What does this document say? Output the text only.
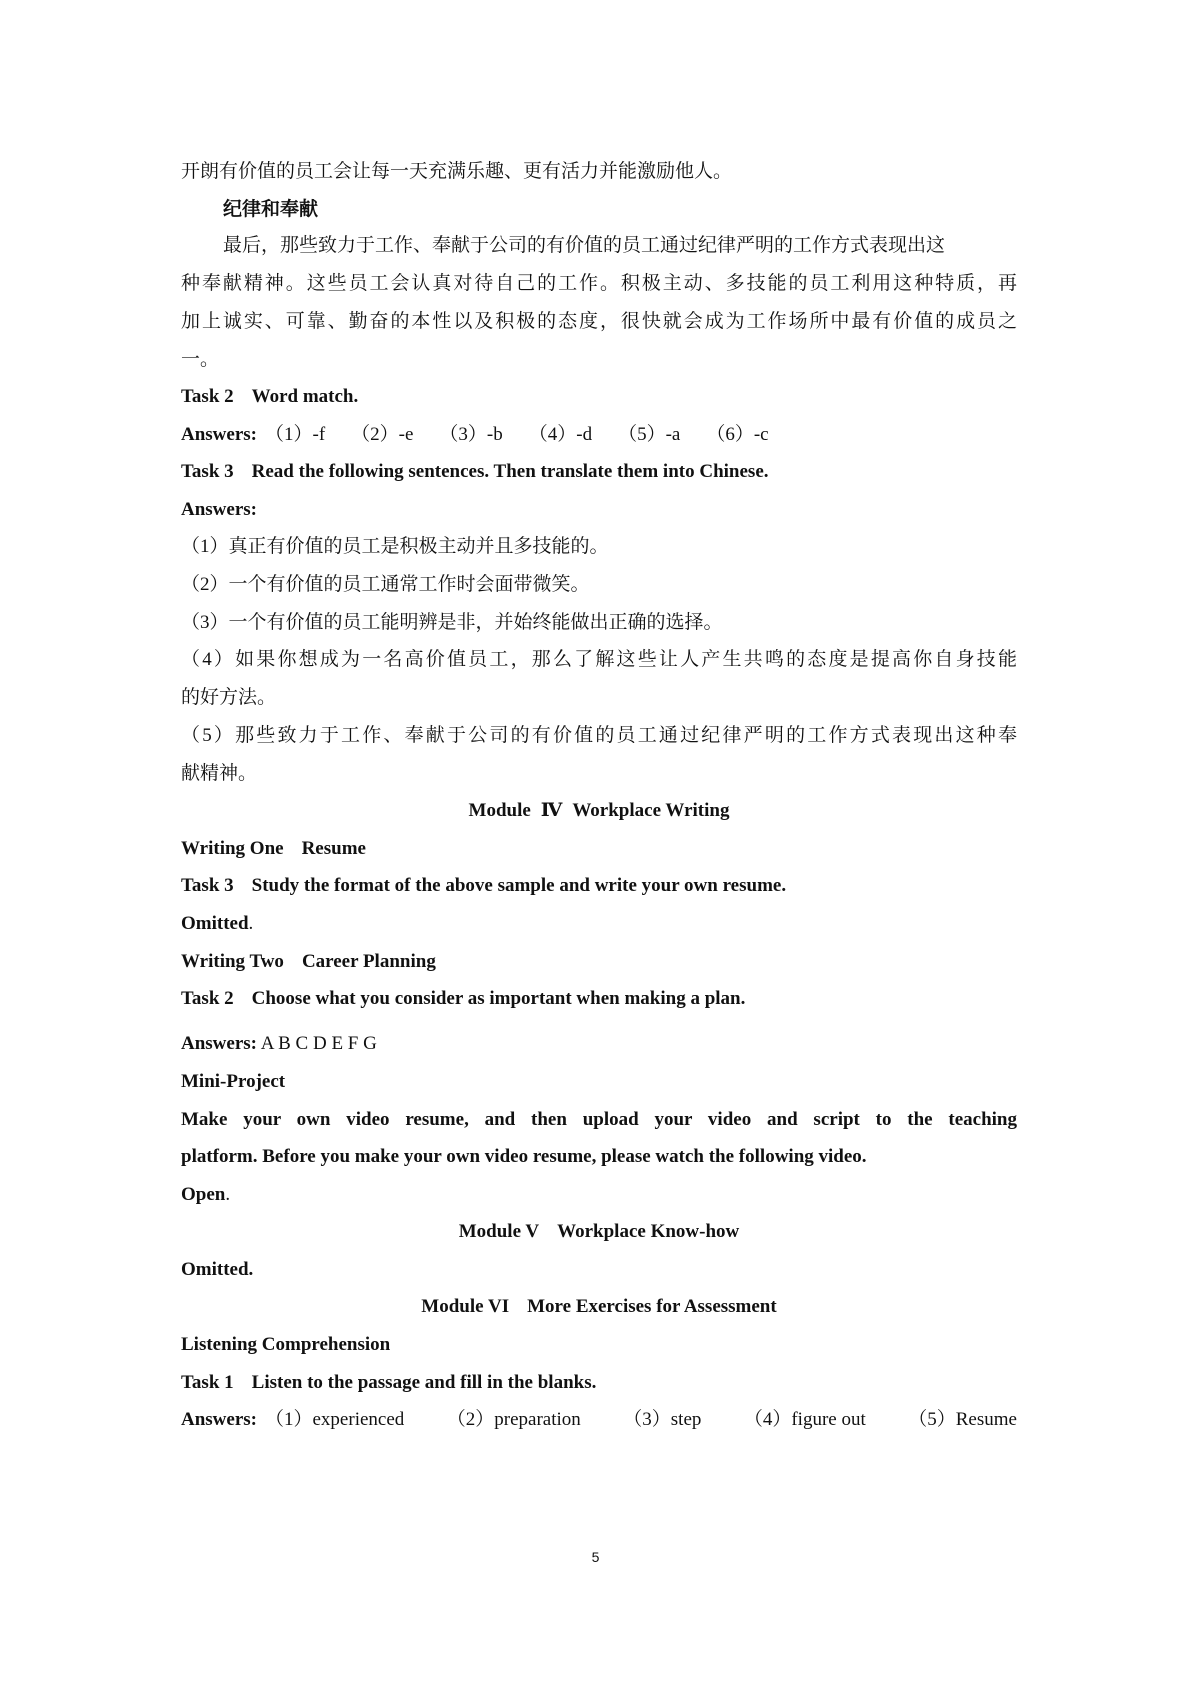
开朗有价值的员工会让每一天充满乐趣、更有活力并能激励他人。
纪律和奉献
最后，那些致力于工作、奉献于公司的有价值的员工通过纪律严明的工作方式表现出这
种奉献精神。这些员工会认真对待自己的工作。积极主动、多技能的员工利用这种特质，再
加上诚实、可靠、勤奋的本性以及积极的态度，很快就会成为工作场所中最有价值的成员之
一。
Task 2 Word match.
Answers: （1）-f （2）-e （3）-b （4）-d （5）-a （6）-c
Task 3 Read the following sentences. Then translate them into Chinese.
Answers:
（1）真正有价值的员工是积极主动并且多技能的。
（2）一个有价值的员工通常工作时会面带微笑。
（3）一个有价值的员工能明辨是非，并始终能做出正确的选择。
（4）如果你想成为一名高价值员工，那么了解这些让人产生共鸣的态度是提高你自身技能
的好方法。
（5）那些致力于工作、奉献于公司的有价值的员工通过纪律严明的工作方式表现出这种奉
献精神。
Module Ⅳ Workplace Writing
Writing One Resume
Task 3 Study the format of the above sample and write your own resume.
Omitted.
Writing Two Career Planning
Task 2 Choose what you consider as important when making a plan.
Answers: A B C D E F G
Mini-Project
Make your own video resume, and then upload your video and script to the teaching
platform. Before you make your own video resume, please watch the following video.
Open.
Module V Workplace Know-how
Omitted.
Module VI More Exercises for Assessment
Listening Comprehension
Task 1 Listen to the passage and fill in the blanks.
Answers: （1）experienced （2）preparation （3）step （4）figure out （5）Resume
5
